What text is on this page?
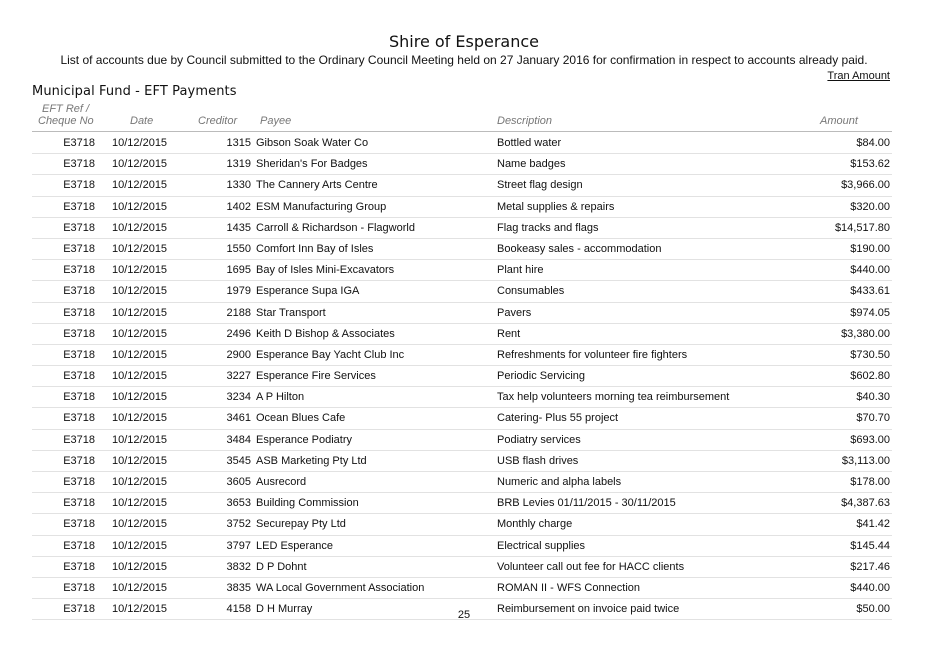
Shire of Esperance
List of accounts due by Council submitted to the Ordinary Council Meeting held on 27 January 2016 for confirmation in respect to accounts already paid.
Tran Amount
Municipal Fund - EFT Payments
EFT Ref /
Cheque No	Date	Creditor Payee	Description	Amount
E3718 10/12/2015	1315 Gibson Soak Water Co	Bottled water	$84.00
E3718 10/12/2015	1319 Sheridan's For Badges	Name badges	$153.62
E3718 10/12/2015	1330 The Cannery Arts Centre	Street flag design	$3,966.00
E3718 10/12/2015	1402 ESM Manufacturing Group	Metal supplies & repairs	$320.00
E3718 10/12/2015	1435 Carroll & Richardson - Flagworld	Flag tracks and flags	$14,517.80
E3718 10/12/2015	1550 Comfort Inn Bay of Isles	Bookeasy sales - accommodation	$190.00
E3718 10/12/2015	1695 Bay of Isles Mini-Excavators	Plant hire	$440.00
E3718 10/12/2015	1979 Esperance Supa IGA	Consumables	$433.61
E3718 10/12/2015	2188 Star Transport	Pavers	$974.05
E3718 10/12/2015	2496 Keith D Bishop & Associates	Rent	$3,380.00
E3718 10/12/2015	2900 Esperance Bay Yacht Club Inc	Refreshments for volunteer fire fighters	$730.50
E3718 10/12/2015	3227 Esperance Fire Services	Periodic Servicing	$602.80
E3718 10/12/2015	3234 A P Hilton	Tax help volunteers morning tea reimbursement	$40.30
E3718 10/12/2015	3461 Ocean Blues Cafe	Catering- Plus 55 project	$70.70
E3718 10/12/2015	3484 Esperance Podiatry	Podiatry services	$693.00
E3718 10/12/2015	3545 ASB Marketing Pty Ltd	USB flash drives	$3,113.00
E3718 10/12/2015	3605 Ausrecord	Numeric and alpha labels	$178.00
E3718 10/12/2015	3653 Building Commission	BRB Levies 01/11/2015 - 30/11/2015	$4,387.63
E3718 10/12/2015	3752 Securepay Pty Ltd	Monthly charge	$41.42
E3718 10/12/2015	3797 LED Esperance	Electrical supplies	$145.44
E3718 10/12/2015	3832 D P Dohnt	Volunteer call out fee for HACC clients	$217.46
E3718 10/12/2015	3835 WA Local Government Association	ROMAN II - WFS Connection	$440.00
E3718 10/12/2015	4158 D H Murray	Reimbursement on invoice paid twice	$50.00
25
